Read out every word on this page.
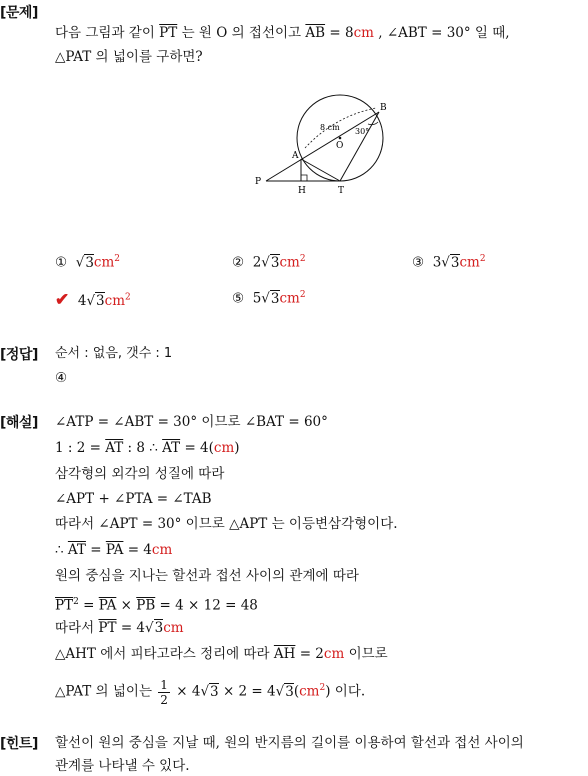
[문제]
다음 그림과 같이 $\overline{PT}$ 는 원 O 의 접선이고 $\overline{AB} = 8cm$ , ∠ABT = 30° 일 때,
△PAT 의 넓이를 구하면?
B
A
O
P
H	T
8 cm 30°
① $√3cm^2$	② $2√3cm^2$	③ $3√3cm^2$
✔ $4√3cm^2$	⑤ $5√3cm^2$
[정답] 순서 : 없음, 갯수 : 1
④
[해설] ∠ATP = ∠ABT = 30° 이므로 ∠BAT = 60°
1 : $2 = \overline{AT}$ : 8 ∴ $\overline{AT} = 4(cm)$
삼각형의 외각의 성질에 따라
∠APT + ∠PTA = ∠TAB
따라서 ∠APT = 30° 이므로 △APT 는 이등변삼각형이다.
∴ $\overline{AT} = \overline{PA} = 4cm$
원의 중심을 지나는 할선과 접선 사이의 관계에 따라
$\overline{PT}^2 = \overline{PA} \times \overline{PB} = 4 \times 12 = 48$
따라서 $\overline{PT} = 4√3cm$
△AHT 에서 피타고라스 정리에 따라 $\overline{AH} = 2cm$ 이므로
△PAT 의 넓이는 $\frac{1}{2} \times 4√3 \times 2 = 4√3(cm^2)$ 이다.
[힌트] 할선이 원의 중심을 지날 때, 원의 반지름의 길이를 이용하여 할선과 접선 사이의
관계를 나타낼 수 있다.
